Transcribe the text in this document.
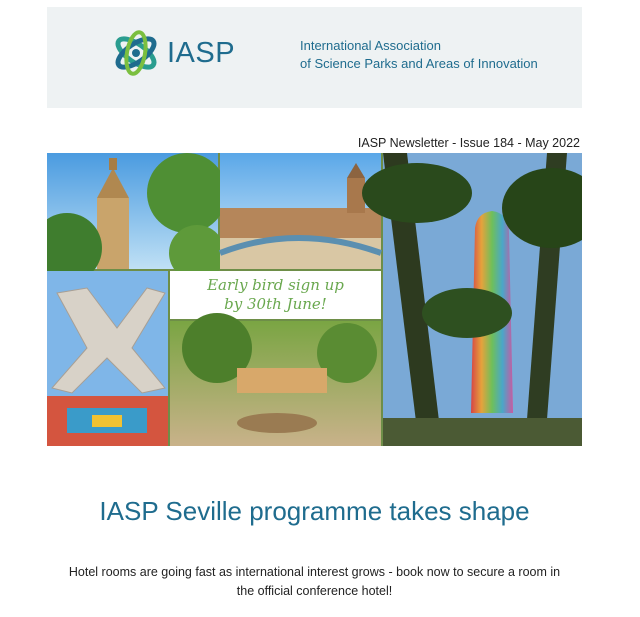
IASP	International Association
of Science Parks and Areas of Innovation
IASP Newsletter - Issue 184 - May 2022
Early bird sign up
by 30th June!
IASP Seville programme takes shape
Hotel rooms are going fast as international interest grows - book now to secure a room in the official conference hotel!
